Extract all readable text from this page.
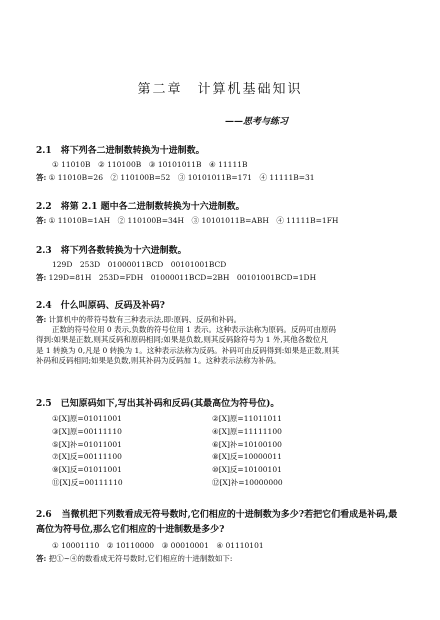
第二章　计算机基础知识
——思考与练习
2.1 将下列各二进制数转换为十进制数。
① 11010B　② 110100B　③ 10101011B　④ 11111B
答: ① 11010B=26　② 110100B=52　③ 10101011B=171　④ 11111B=31
2.2 将第 2.1 题中各二进制数转换为十六进制数。
答: ① 11010B=1AH　② 110100B=34H　③ 10101011B=ABH　④ 11111B=1FH
2.3 将下列各数转换为十六进制数。
129D　253D　01000011BCD　00101001BCD
答: 129D=81H　253D=FDH　01000011BCD=2BH　00101001BCD=1DH
2.4 什么叫原码、反码及补码?
答: 计算机中的带符号数有三种表示法,即:原码、反码和补码。
正数的符号位用 0 表示,负数的符号位用 1 表示。这种表示法称为原码。反码可由原码
得到:如果是正数,则其反码和原码相同;如果是负数,则其反码除符号为 1 外,其他各数位凡
是 1 转换为 0,凡是 0 转换为 1。这种表示法称为反码。补码可由反码得到:如果是正数,则其
补码和反码相同;如果是负数,则其补码为反码加 1。这种表示法称为补码。
2.5 已知原码如下,写出其补码和反码(其最高位为符号位)。
①[X]原=01011001	②[X]原=11011011
③[X]原=00111110	④[X]原=11111100
⑤[X]补=01011001	⑥[X]补=10100100
⑦[X]反=00111100	⑧[X]反=10000011
⑨[X]反=01011001	⑩[X]反=10100101
⑪[X]反=00111110	⑫[X]补=10000000
2.6 当微机把下列数看成无符号数时,它们相应的十进制数为多少?若把它们看成是补码,最高位为符号位,那么它们相应的十进制数是多少?
① 10001110　② 10110000　③ 00010001　④ 01110101
答: 把①~④的数看成无符号数时,它们相应的十进制数如下:
